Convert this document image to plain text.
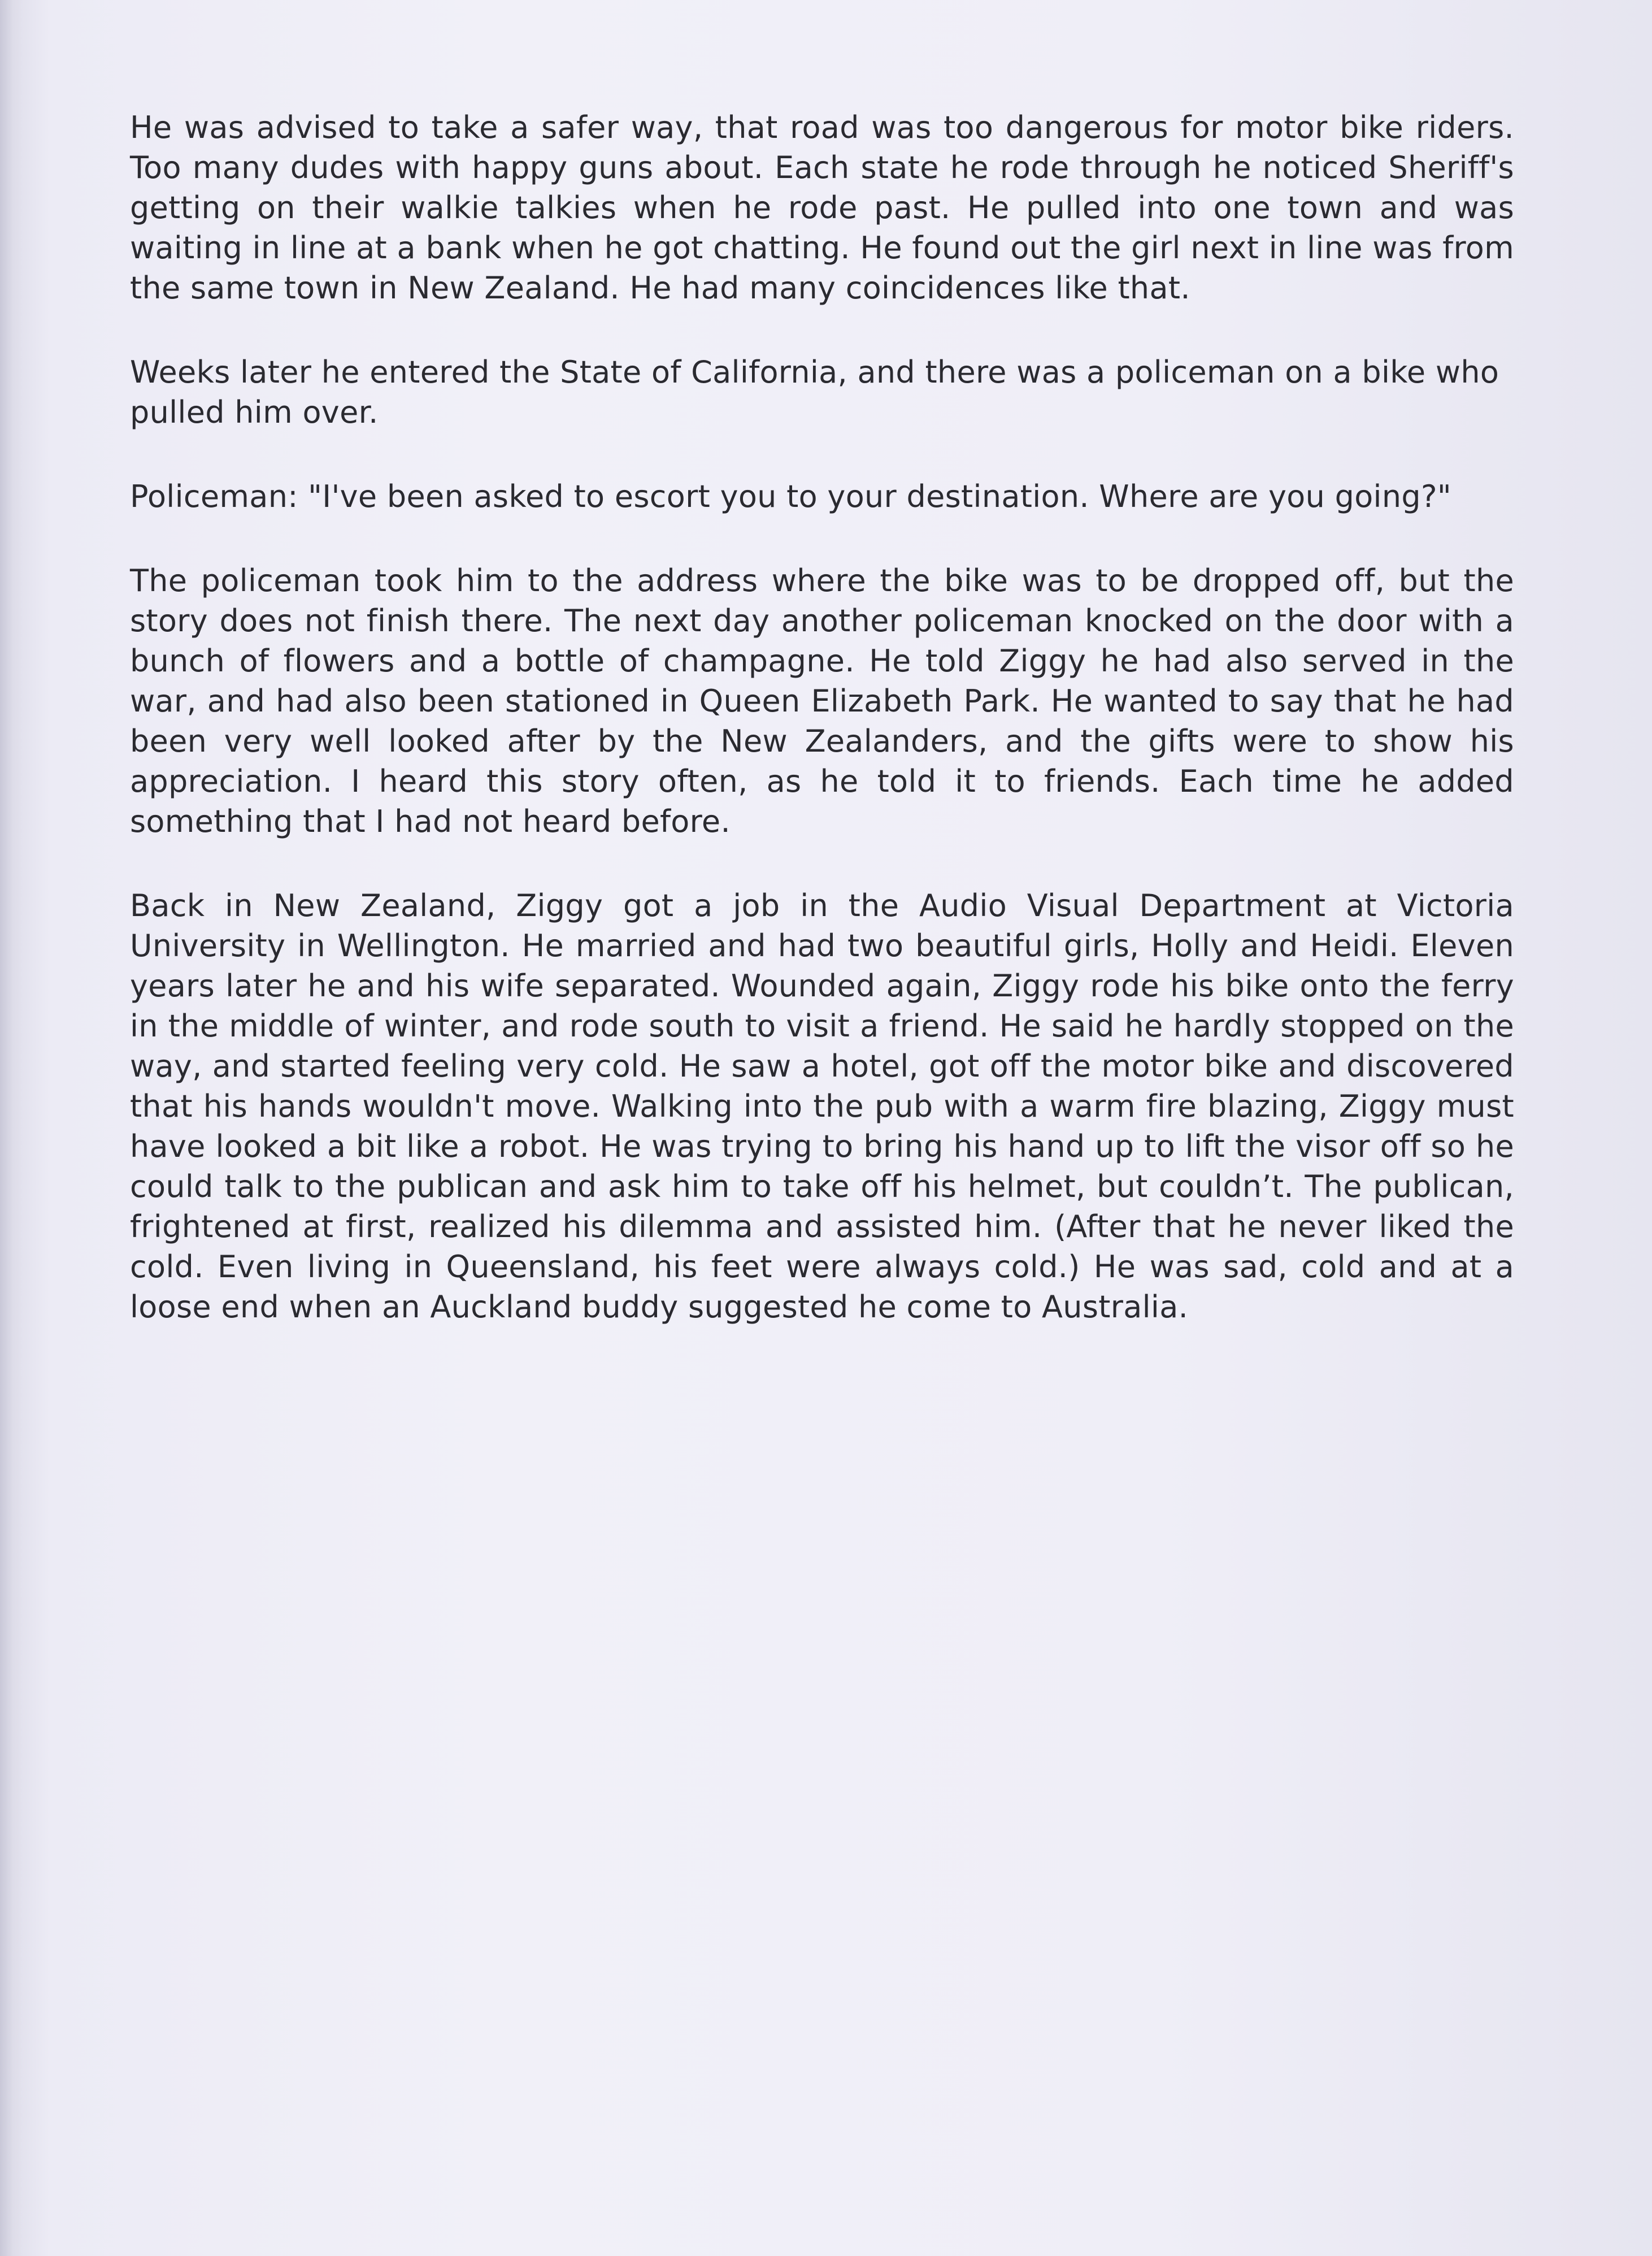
He was advised to take a safer way, that road was too dangerous for motor bike riders. Too many dudes with happy guns about. Each state he rode through he noticed Sheriff's getting on their walkie talkies when he rode past. He pulled into one town and was waiting in line at a bank when he got chatting. He found out the girl next in line was from the same town in New Zealand. He had many coincidences like that.

Weeks later he entered the State of California, and there was a policeman on a bike who pulled him over.

Policeman: "I've been asked to escort you to your destination. Where are you going?"

The policeman took him to the address where the bike was to be dropped off, but the story does not finish there. The next day another policeman knocked on the door with a bunch of flowers and a bottle of champagne. He told Ziggy he had also served in the war, and had also been stationed in Queen Elizabeth Park. He wanted to say that he had been very well looked after by the New Zealanders, and the gifts were to show his appreciation. I heard this story often, as he told it to friends. Each time he added something that I had not heard before.

Back in New Zealand, Ziggy got a job in the Audio Visual Department at Victoria University in Wellington. He married and had two beautiful girls, Holly and Heidi. Eleven years later he and his wife separated. Wounded again, Ziggy rode his bike onto the ferry in the middle of winter, and rode south to visit a friend. He said he hardly stopped on the way, and started feeling very cold. He saw a hotel, got off the motor bike and discovered that his hands wouldn't move. Walking into the pub with a warm fire blazing, Ziggy must have looked a bit like a robot. He was trying to bring his hand up to lift the visor off so he could talk to the publican and ask him to take off his helmet, but couldn’t. The publican, frightened at first, realized his dilemma and assisted him. (After that he never liked the cold. Even living in Queensland, his feet were always cold.) He was sad, cold and at a loose end when an Auckland buddy suggested he come to Australia.
